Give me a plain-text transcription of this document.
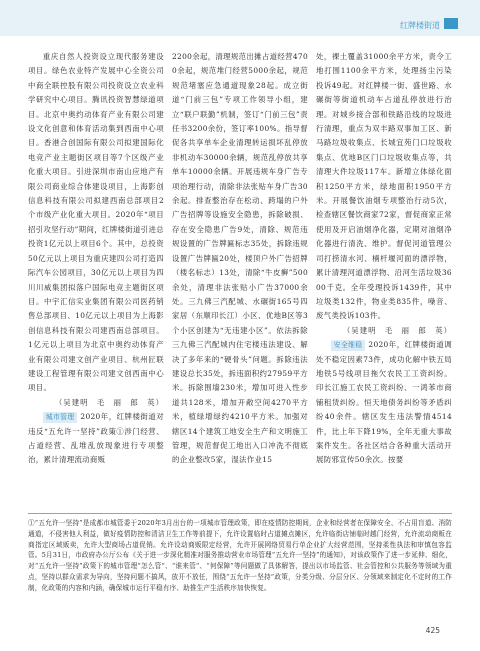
红牌楼街道

重庆自然人投资设立现代服务建设项目。绿色农业特产发展中心全资公司中商全联控股有限公司投资设立农业科学研究中心项目。腾讯投资智慧绿道项目。北京中奥约动体育产业有限公司建设文化创意和体育活动集到西南中心项目。香港合创国际有限公司拟建国际化电竞产业主题街区项目等7个区级产业化重大项目。引进深圳市南山应地产有限公司商业综合体建设项目，上海影创信息科技有限公司拟建西南总部项目2个市级产业化重大项目。2020年“项目招引攻坚行动”期间，红牌楼街道引进总投资1亿元以上项目6个。其中，总投资50亿元以上项目为重庆建四公司打造四际汽车公园项目，30亿元以上项目为四川川威集团拟落户国际电竞主题街区项目。中宇汇信实业集团有限公司医药销售总部项目、10亿元以上项目为上海影创信息科技有限公司建西南总部项目。1亿元以上项目为北京中奥约动体育产业有限公司建文创产业项目、杭州匠联建设工程管理有限公司建文创西南中心项目。

（吴建明　毛　丽　郎　英）

城市管理 2020年，红牌楼街道对违反“五允许一坚持”政策①涉门经营、占道经营、乱堆乱放现象进行专项整治，累计清理流动商贩

2200余起，清理规范出摊占道经营4700余起，规范堆门经营5000余起，规范规范堵塞应急通道现象28起。成立街道“门前三包”专项工作领导小组，建立“联户联勤”机制，签订“门前三包”责任书3200余份，签订率100%。指导督促各共享单车企业清理转运损坏乱停放非机动车30000余辆，规范乱停放共享单车10000余辆。开展违规车身广告专项治理行动，清除非法张贴车身广告30余起。排查整治存在松动、跨塌的户外广告招牌等设施安全隐患，拆除破损、存在安全隐患广告9处，清除、规范违规设置的广告牌匾标志35处，拆除违规设置广告牌匾20处，楼顶户外广告招牌（楼名标志）13处，清除“牛皮癣”500余处，清理非法张贴小广告37000余处。三九佛三汽配城、水碾街165号四家居（东顺印长江）小区、优地B区等3个小区创建为“无违建小区”。依法拆除三九佛三汽配城内住宅楼违法建设、解决了多年来的“硬骨头”问题。拆除违法建设总长35处，拆违面积约27959平方米。拆除围墙230米，增加可进入性步道共128米，增加开敞空间4270平方米，植绿增绿约4210平方米。加强对辖区14个建筑工地安全生产和文明施工管理，规范督促工地出入口冲洗不彻底的企业整改5家，湿法作业15

处，裸土覆盖31000余平方米，责令工地打围1100余平方米，处理扬尘污染投诉49起。对红牌楼一街、盛世路、水碾街等街道机动车占道乱停放进行治理。对城乡接合部和铁路沿线的垃圾进行清理，重点为双丰路双事加工区、新马路垃圾收集点、长城宜苑门口垃圾收集点、优地B区门口垃圾收集点等，共清理大件垃圾117车。新增立体绿化面积1250平方米，绿地面积1950平方米。开展餐饮油烟专项整治行动5次，检查辖区餐饮商家72家，督促商家正常使用及开启油烟净化器，定期对油烟净化器进行清洗、维护。督促河道管理公司打捞清水河、楠杆堰河面的漂浮物，累计清理河道漂浮物、沿河生活垃圾3600千克。全年受理投诉1439件，其中垃圾类132件，物业类835件，噪音、废气类投诉103件。

（吴建明　毛　丽　郎　英）

安全维稳 2020年，红牌楼街道调处不稳定因素73件，成功化解中铁五局地铁5号线项目拖欠农民工工资纠纷。印长江施工农民工资纠纷、一鸿苯市商铺租赁纠纷。恒天地债务纠纷等矛盾纠纷40余件。辖区发生违法警情4514件，比上年下降19%，全年无重大事故案件发生。各社区结合各种重大活动开展防邪宣传50余次。按要

①“五允许一坚持”是成都市城管委于2020年3月出台的一项城市管理政策，即在疫情防控期间，企业和经营者在保障安全、不占用盲道、消防通道，不侵害他人利益，做好疫情防控和清洁卫生工作等前提下，允许设置临时占道摊点摊区，允许临街店铺临时越门经营，允许流动商贩在商指定区域贩卖，允许大型商场占道促销。允许设动商贩限定经营，允许开展网络贸易行单企业扩大经营范围，坚持柔性执法和审慎包容监管。5月31日，市政府办公厅公布《关于进一步深化精准对服务推动营业市场管理“五允许一坚持”的通知》，对该政策作了进一步延伸、细化，对“五允许一坚持”政策下的城市管理“怎么管”、“谁来管”、“何保障”等问题做了具体解答，提出以市场监管、社会管控和公共服务等领域为重点，坚持以群众需求为导向，坚持问题不搞风，放开不放任，围绕“五允许一坚持”政策，分类分级、分层分区、分领域来制定化不定时的工作制，化政策的内容和内涵，确保城市运行平稳有序、助推生产生活秩序加快恢复。

425
